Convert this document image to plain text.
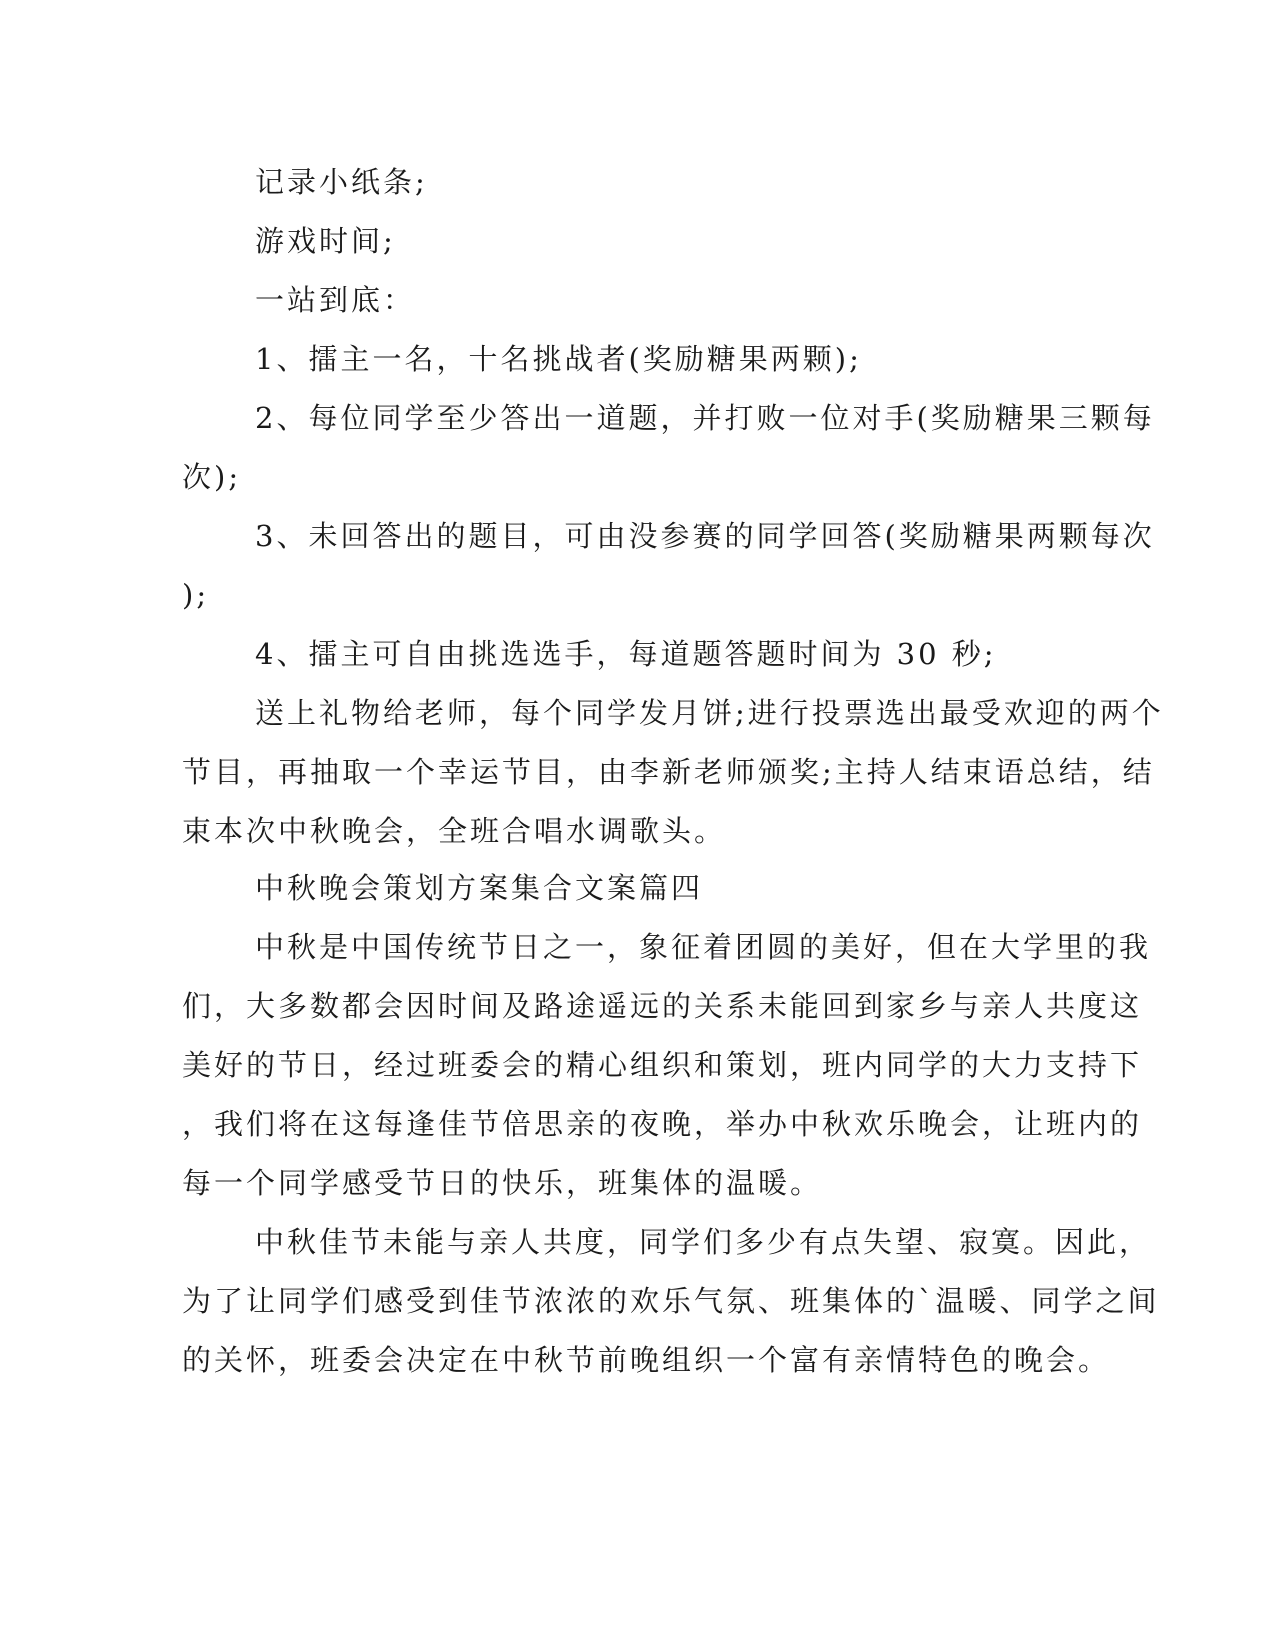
记录小纸条;

游戏时间;

一站到底：

1、擂主一名，十名挑战者(奖励糖果两颗);

2、每位同学至少答出一道题，并打败一位对手(奖励糖果三颗每

次);

3、未回答出的题目，可由没参赛的同学回答(奖励糖果两颗每次

);

4、擂主可自由挑选选手，每道题答题时间为 30 秒;

送上礼物给老师，每个同学发月饼;进行投票选出最受欢迎的两个

节目，再抽取一个幸运节目，由李新老师颁奖;主持人结束语总结，结

束本次中秋晚会，全班合唱水调歌头。

中秋晚会策划方案集合文案篇四

中秋是中国传统节日之一，象征着团圆的美好，但在大学里的我

们，大多数都会因时间及路途遥远的关系未能回到家乡与亲人共度这

美好的节日，经过班委会的精心组织和策划，班内同学的大力支持下

，我们将在这每逢佳节倍思亲的夜晚，举办中秋欢乐晚会，让班内的

每一个同学感受节日的快乐，班集体的温暖。

中秋佳节未能与亲人共度，同学们多少有点失望、寂寞。因此，

为了让同学们感受到佳节浓浓的欢乐气氛、班集体的`温暖、同学之间

的关怀，班委会决定在中秋节前晚组织一个富有亲情特色的晚会。
